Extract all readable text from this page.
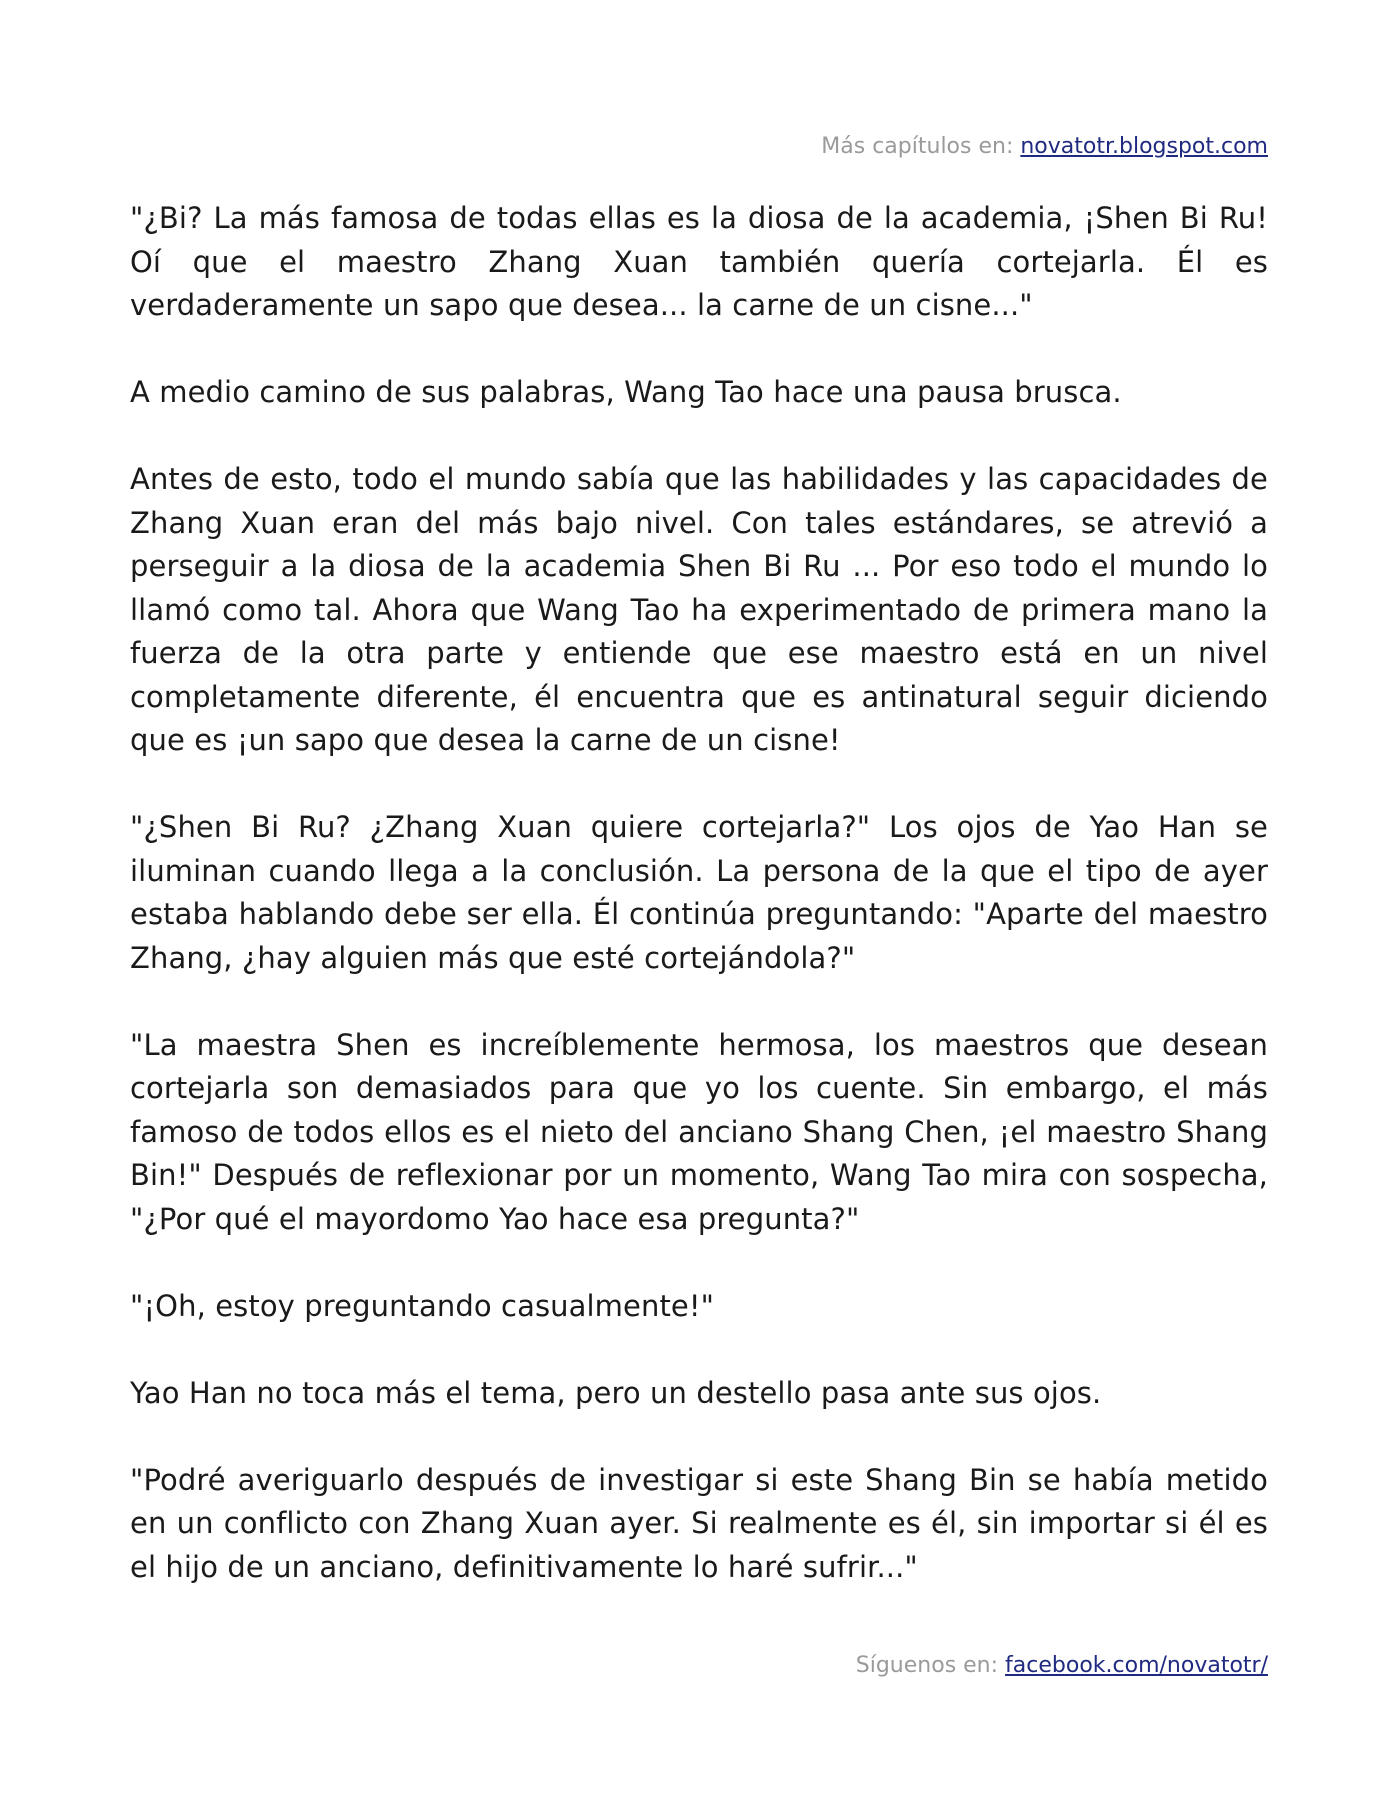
Más capítulos en: novatotr.blogspot.com

"¿Bi? La más famosa de todas ellas es la diosa de la academia, ¡Shen Bi Ru! Oí que el maestro Zhang Xuan también quería cortejarla. Él es verdaderamente un sapo que desea... la carne de un cisne..."

A medio camino de sus palabras, Wang Tao hace una pausa brusca.

Antes de esto, todo el mundo sabía que las habilidades y las capacidades de Zhang Xuan eran del más bajo nivel. Con tales estándares, se atrevió a perseguir a la diosa de la academia Shen Bi Ru ... Por eso todo el mundo lo llamó como tal. Ahora que Wang Tao ha experimentado de primera mano la fuerza de la otra parte y entiende que ese maestro está en un nivel completamente diferente, él encuentra que es antinatural seguir diciendo que es ¡un sapo que desea la carne de un cisne!

"¿Shen Bi Ru? ¿Zhang Xuan quiere cortejarla?" Los ojos de Yao Han se iluminan cuando llega a la conclusión. La persona de la que el tipo de ayer estaba hablando debe ser ella. Él continúa preguntando: "Aparte del maestro Zhang, ¿hay alguien más que esté cortejándola?"

"La maestra Shen es increíblemente hermosa, los maestros que desean cortejarla son demasiados para que yo los cuente. Sin embargo, el más famoso de todos ellos es el nieto del anciano Shang Chen, ¡el maestro Shang Bin!" Después de reflexionar por un momento, Wang Tao mira con sospecha, "¿Por qué el mayordomo Yao hace esa pregunta?"

"¡Oh, estoy preguntando casualmente!"

Yao Han no toca más el tema, pero un destello pasa ante sus ojos.

"Podré averiguarlo después de investigar si este Shang Bin se había metido en un conflicto con Zhang Xuan ayer. Si realmente es él, sin importar si él es el hijo de un anciano, definitivamente lo haré sufrir..."

Síguenos en: facebook.com/novatotr/
